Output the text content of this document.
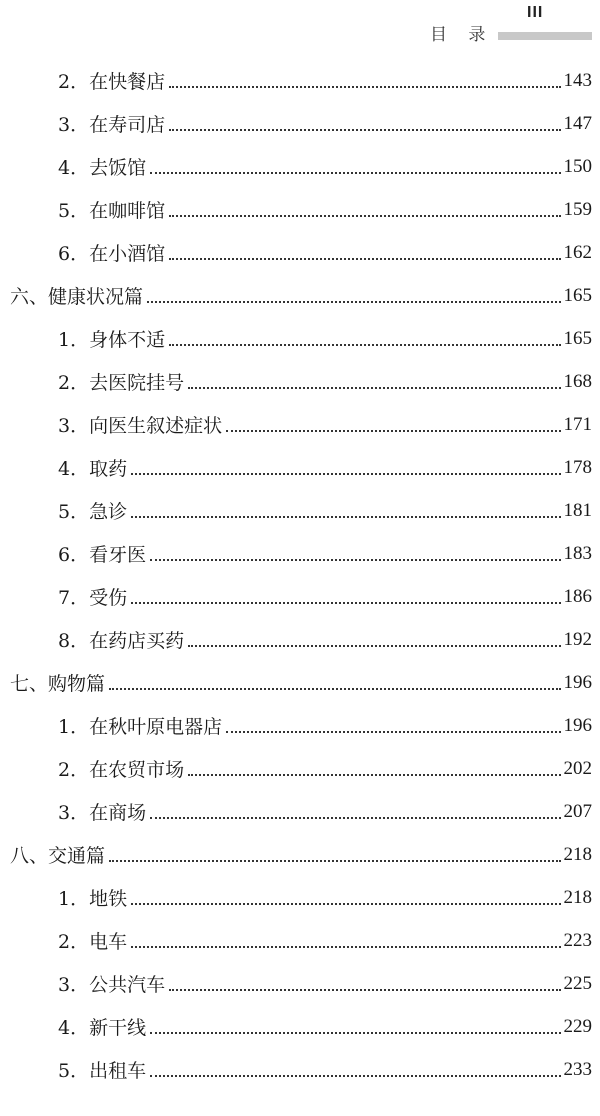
III
目 录
2．在快餐店	143
3．在寿司店	147
4．去饭馆	150
5．在咖啡馆	159
6．在小酒馆	162
六、健康状况篇	165
1．身体不适	165
2．去医院挂号	168
3．向医生叙述症状	171
4．取药	178
5．急诊	181
6．看牙医	183
7．受伤	186
8．在药店买药	192
七、购物篇	196
1．在秋叶原电器店	196
2．在农贸市场	202
3．在商场	207
八、交通篇	218
1．地铁	218
2．电车	223
3．公共汽车	225
4．新干线	229
5．出租车	233
